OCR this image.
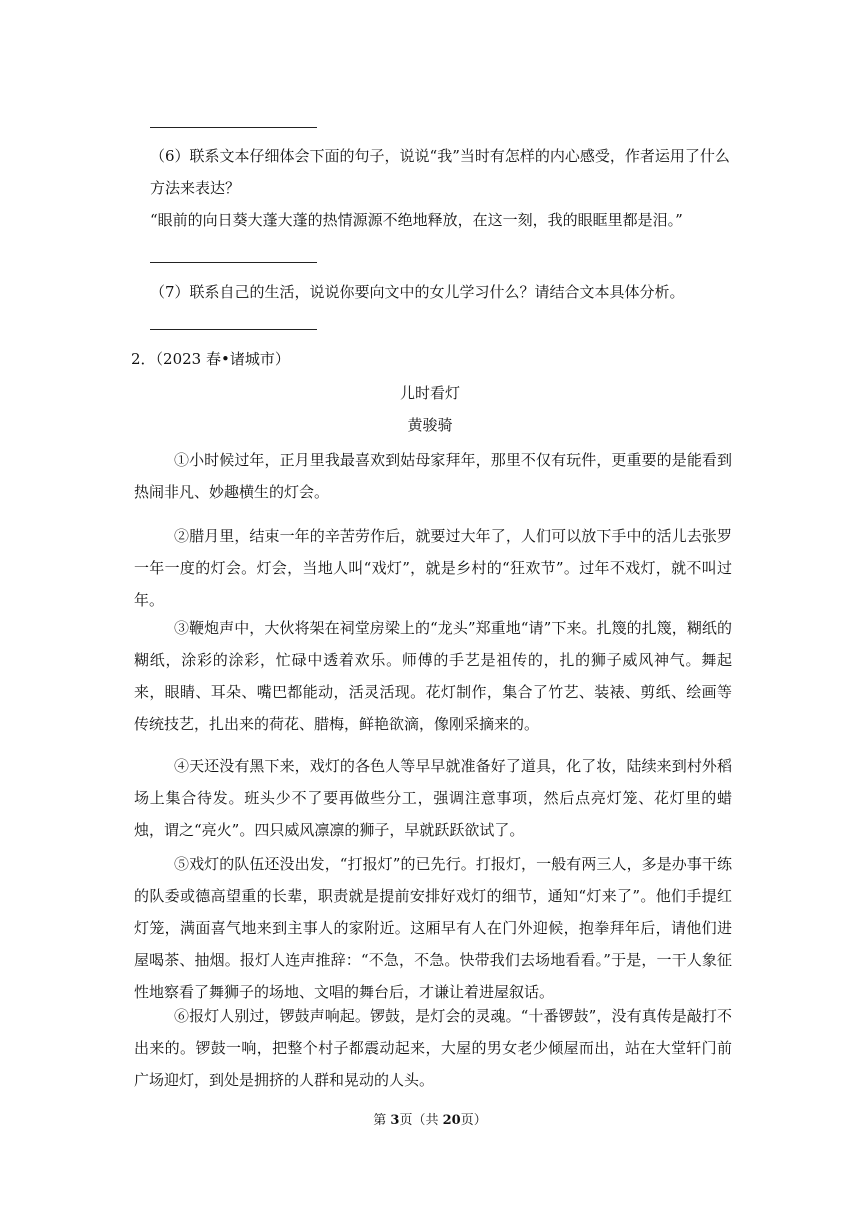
（6）联系文本仔细体会下面的句子，说说“我”当时有怎样的内心感受，作者运用了什么方法来表达？

“眼前的向日葵大蓬大蓬的热情源源不绝地释放，在这一刻，我的眼眶里都是泪。”

（7）联系自己的生活，说说你要向文中的女儿学习什么？请结合文本具体分析。

2．（2023 春•诸城市）
儿时看灯
黄骏骑

①小时候过年，正月里我最喜欢到姑母家拜年，那里不仅有玩件，更重要的是能看到热闹非凡、妙趣横生的灯会。

②腊月里，结束一年的辛苦劳作后，就要过大年了，人们可以放下手中的活儿去张罗一年一度的灯会。灯会，当地人叫“戏灯”，就是乡村的“狂欢节”。过年不戏灯，就不叫过年。

③鞭炮声中，大伙将架在祠堂房梁上的“龙头”郑重地“请”下来。扎篾的扎篾，糊纸的糊纸，涂彩的涂彩，忙碌中透着欢乐。师傅的手艺是祖传的，扎的狮子威风神气。舞起来，眼睛、耳朵、嘴巴都能动，活灵活现。花灯制作，集合了竹艺、装裱、剪纸、绘画等传统技艺，扎出来的荷花、腊梅，鲜艳欲滴，像刚采摘来的。

④天还没有黑下来，戏灯的各色人等早早就准备好了道具，化了妆，陆续来到村外稻场上集合待发。班头少不了要再做些分工，强调注意事项，然后点亮灯笼、花灯里的蜡烛，谓之“亮火”。四只威风凛凛的狮子，早就跃跃欲试了。

⑤戏灯的队伍还没出发，“打报灯”的已先行。打报灯，一般有两三人，多是办事干练的队委或德高望重的长辈，职责就是提前安排好戏灯的细节，通知“灯来了”。他们手提红灯笼，满面喜气地来到主事人的家附近。这厢早有人在门外迎候，抱拳拜年后，请他们进屋喝茶、抽烟。报灯人连声推辞：“不急，不急。快带我们去场地看看。”于是，一干人象征性地察看了舞狮子的场地、文唱的舞台后，才谦让着进屋叙话。

⑥报灯人别过，锣鼓声响起。锣鼓，是灯会的灵魂。“十番锣鼓”，没有真传是敲打不出来的。锣鼓一响，把整个村子都震动起来，大屋的男女老少倾屋而出，站在大堂轩门前广场迎灯，到处是拥挤的人群和晃动的人头。

第 3页（共 20页）
